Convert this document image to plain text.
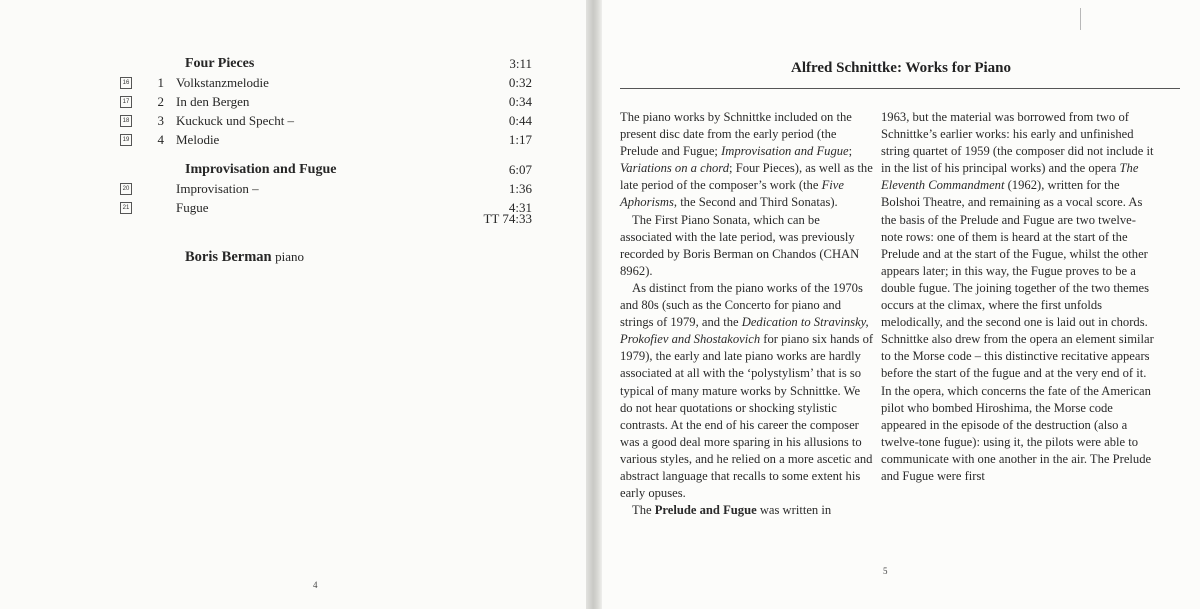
Four Pieces	3:11
16 1 Volkstanzmelodie	0:32
17 2 In den Bergen	0:34
18 3 Kuckuck und Specht –	0:44
19 4 Melodie	1:17
Improvisation and Fugue	6:07
20	Improvisation –	1:36
21	Fugue	4:31
TT 74:33
Boris Berman piano
4
Alfred Schnittke: Works for Piano

The piano works by Schnittke included on the present disc date from the early period (the Prelude and Fugue; Improvisation and Fugue; Variations on a chord; Four Pieces), as well as the late period of the composer’s work (the Five Aphorisms, the Second and Third Sonatas).

The First Piano Sonata, which can be associated with the late period, was previously recorded by Boris Berman on Chandos (CHAN 8962).

As distinct from the piano works of the 1970s and 80s (such as the Concerto for piano and strings of 1979, and the Dedication to Stravinsky, Prokofiev and Shostakovich for piano six hands of 1979), the early and late piano works are hardly associated at all with the ‘polystylism’ that is so typical of many mature works by Schnittke. We do not hear quotations or shocking stylistic contrasts. At the end of his career the composer was a good deal more sparing in his allusions to various styles, and he relied on a more ascetic and abstract language that recalls to some extent his early opuses.

The Prelude and Fugue was written in

1963, but the material was borrowed from two of Schnittke’s earlier works: his early and unfinished string quartet of 1959 (the composer did not include it in the list of his principal works) and the opera The Eleventh Commandment (1962), written for the Bolshoi Theatre, and remaining as a vocal score. As the basis of the Prelude and Fugue are two twelve-note rows: one of them is heard at the start of the Prelude and at the start of the Fugue, whilst the other appears later; in this way, the Fugue proves to be a double fugue. The joining together of the two themes occurs at the climax, where the first unfolds melodically, and the second one is laid out in chords. Schnittke also drew from the opera an element similar to the Morse code – this distinctive recitative appears before the start of the fugue and at the very end of it. In the opera, which concerns the fate of the American pilot who bombed Hiroshima, the Morse code appeared in the episode of the destruction (also a twelve-tone fugue): using it, the pilots were able to communicate with one another in the air. The Prelude and Fugue were first

5
